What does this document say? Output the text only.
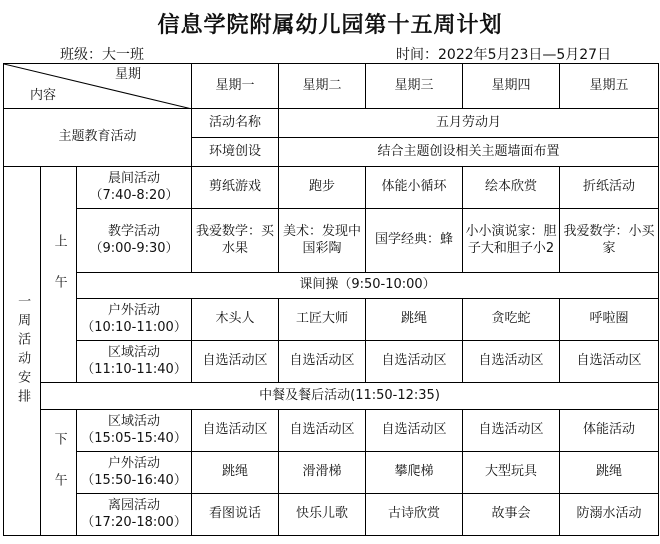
信息学院附属幼儿园第十五周计划
班级：大一班	时间：2022年5月23日—5月27日
星期
内容			星期一	星期二	星期三	星期四	星期五
主题教育活动			活动名称	五月劳动月			
			环境创设	结合主题创设相关主题墙面布置			

一周活动安排	上午	晨间活动
（7:40-8:20）	剪纸游戏	跑步	体能小循环	绘本欣赏	折纸活动

		教学活动
（9:00-9:30）	我爱数学：买水果	美术：发现中国彩陶	国学经典：蜂	小小演说家：胆子大和胆子小2	我爱数学：小买家
		课间操（9:50-10:00）					

		户外活动
（10:10-11:00）	木头人	工匠大师	跳绳	贪吃蛇	呼啦圈

		区域活动
（11:10-11:40）	自选活动区	自选活动区	自选活动区	自选活动区	自选活动区
	中餐及餐后活动(11:50-12:35)						

	下午	区域活动
（15:05-15:40）	自选活动区	自选活动区	自选活动区	自选活动区	体能活动

		户外活动
（15:50-16:40）	跳绳	滑滑梯	攀爬梯	大型玩具	跳绳

		离园活动
（17:20-18:00）	看图说话	快乐儿歌	古诗欣赏	故事会	防溺水活动
